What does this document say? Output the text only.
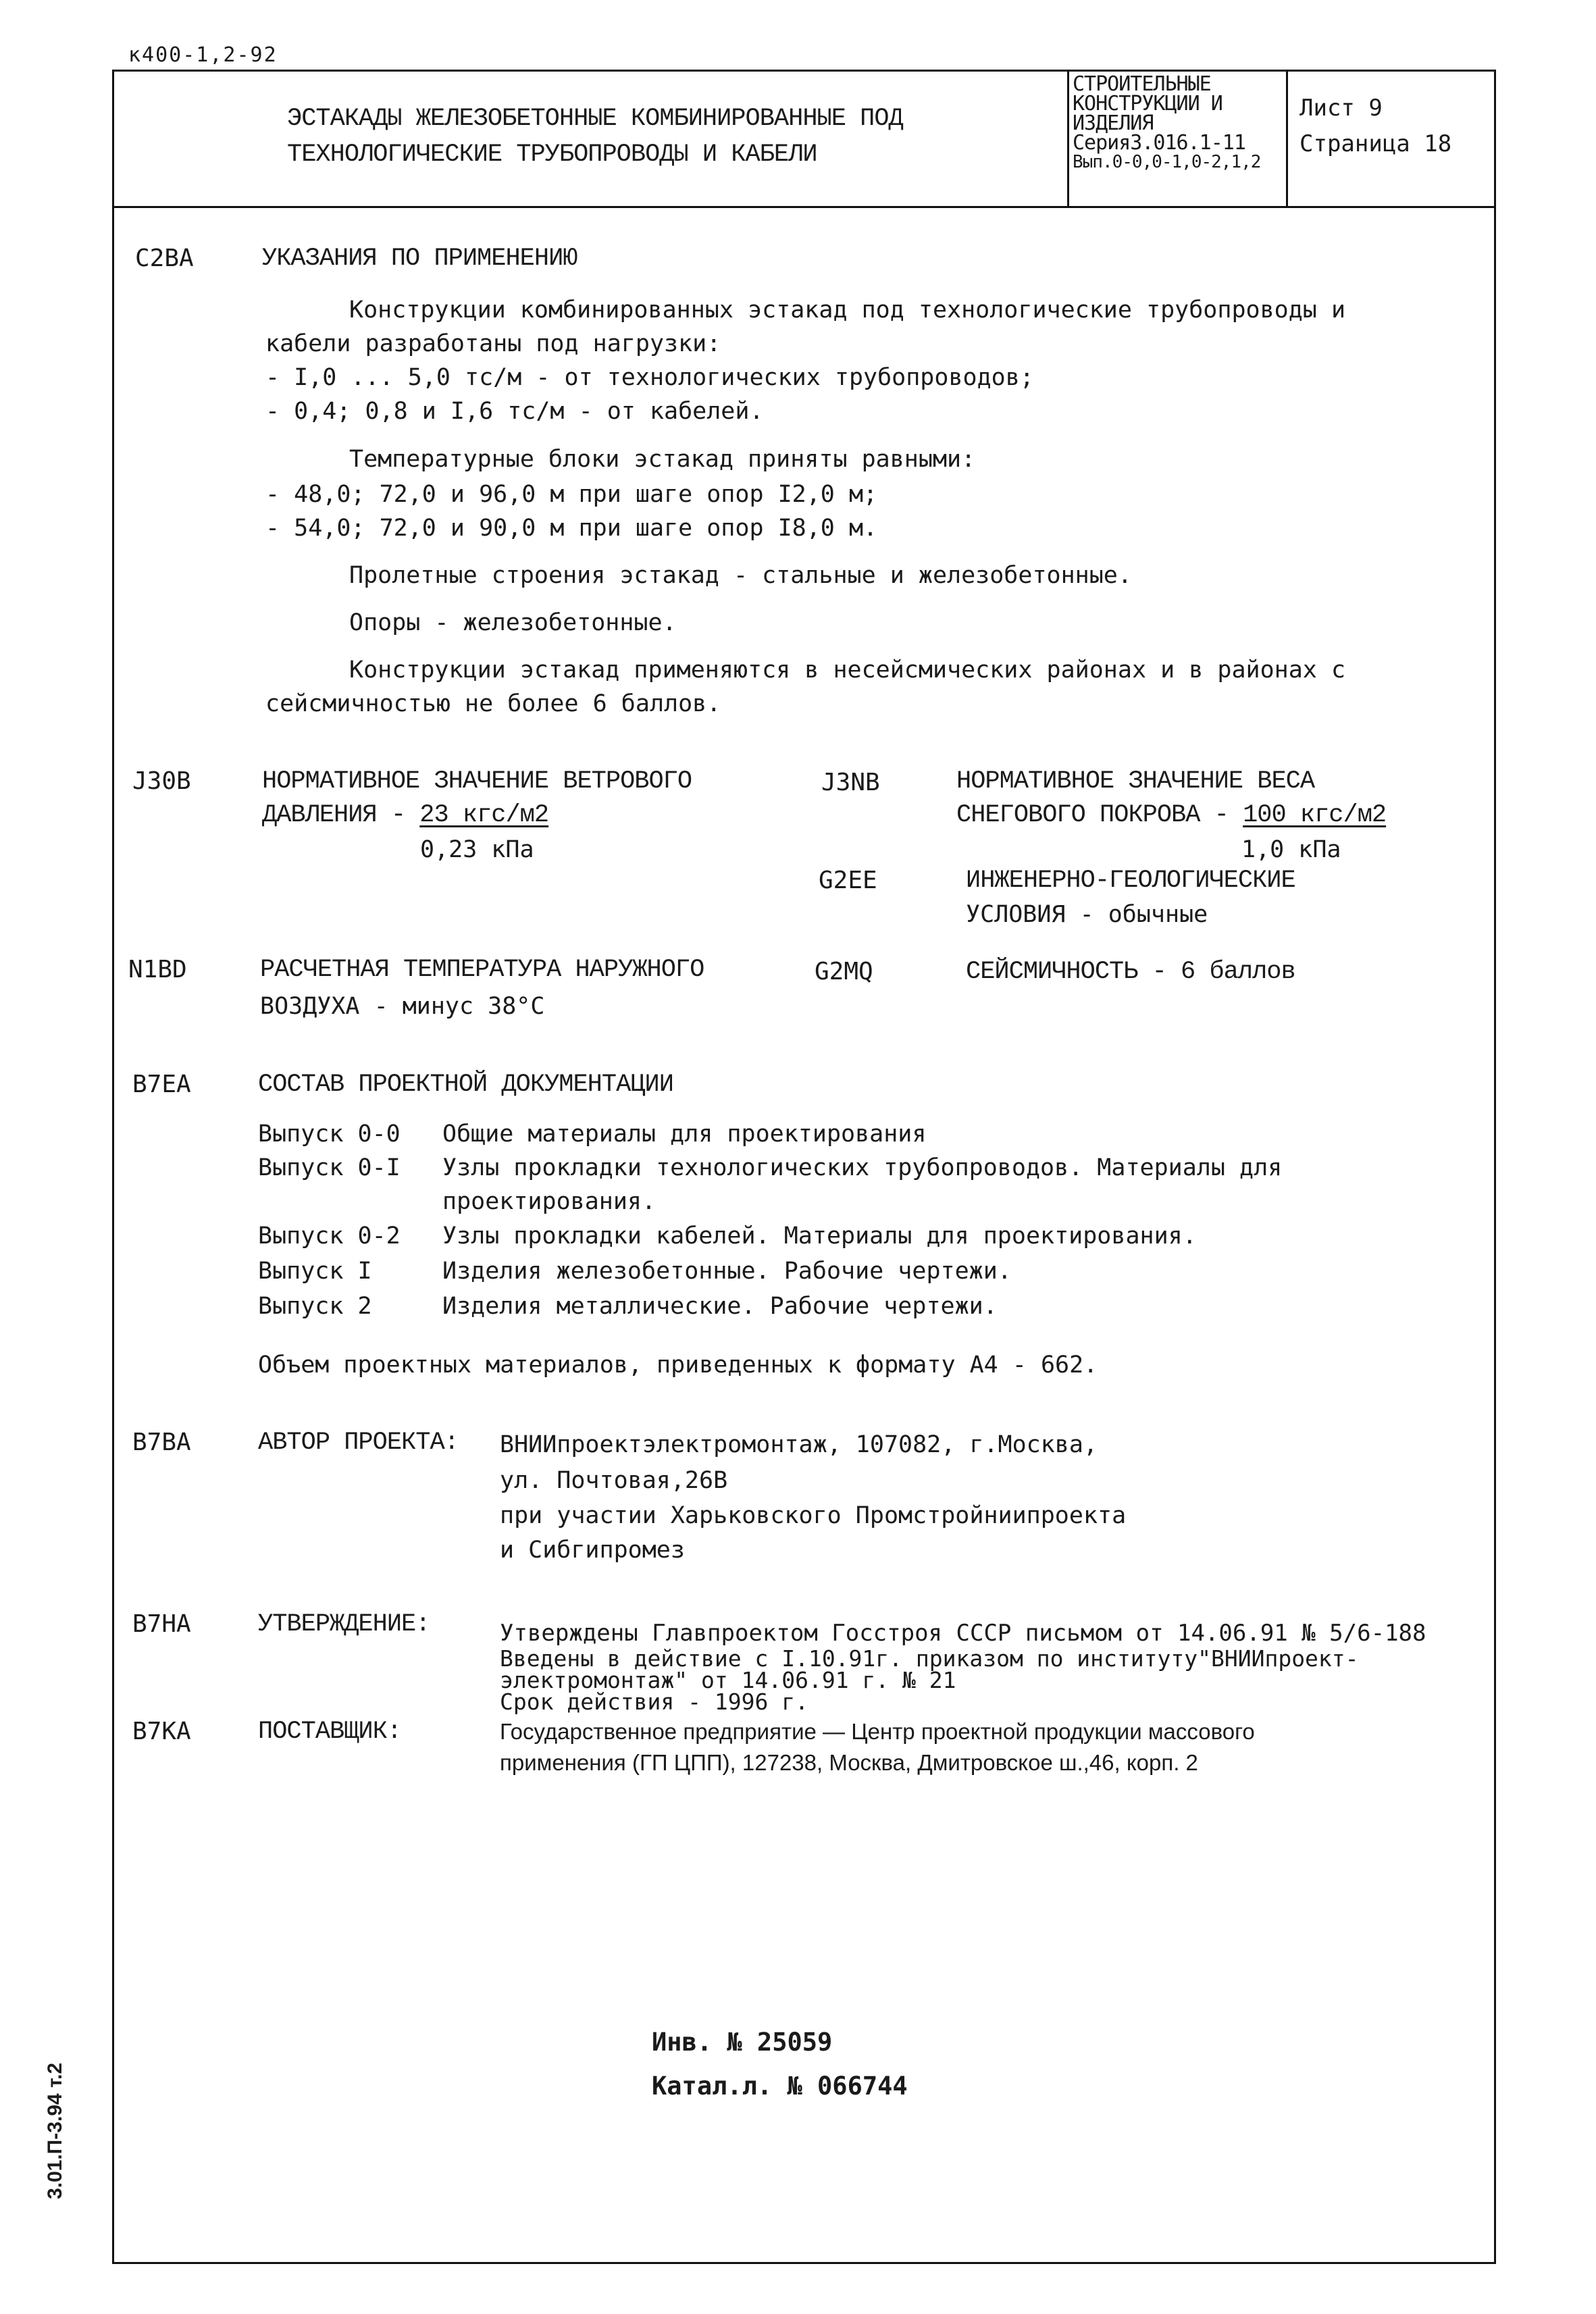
к400-1,2-92
ЭСТАКАДЫ ЖЕЛЕЗОБЕТОННЫЕ КОМБИНИРОВАННЫЕ ПОД
ТЕХНОЛОГИЧЕСКИЕ ТРУБОПРОВОДЫ И КАБЕЛИ
СТРОИТЕЛЬНЫЕ
КОНСТРУКЦИИ И
ИЗДЕЛИЯ
Серия3.016.1-11
Вып.0-0,0-1,0-2,1,2
Лист 9
Страница 18
3.01.П-3.94 т.2
C2BA	УКАЗАНИЯ ПО ПРИМЕНЕНИЮ
Конструкции комбинированных эстакад под технологические трубопроводы и
кабели разработаны под нагрузки:
- I,0 ... 5,0 тс/м - от технологических трубопроводов;
- 0,4; 0,8 и I,6 тс/м - от кабелей.
Температурные блоки эстакад приняты равными:
- 48,0; 72,0 и 96,0 м при шаге опор I2,0 м;
- 54,0; 72,0 и 90,0 м при шаге опор I8,0 м.
Пролетные строения эстакад - стальные и железобетонные.
Опоры - железобетонные.
Конструкции эстакад применяются в несейсмических районах и в районах с
сейсмичностью не более 6 баллов.
J30B	НОРМАТИВНОЕ ЗНАЧЕНИЕ ВЕТРОВОГО
ДАВЛЕНИЯ - 23 кгс/м2
0,23 кПа
J3NB	НОРМАТИВНОЕ ЗНАЧЕНИЕ ВЕСА
СНЕГОВОГО ПОКРОВА - 100 кгс/м2
1,0 кПа
G2EE	ИНЖЕНЕРНО-ГЕОЛОГИЧЕСКИЕ
УСЛОВИЯ - обычные
N1BD	РАСЧЕТНАЯ ТЕМПЕРАТУРА НАРУЖНОГО
ВОЗДУХА - минус 38°С
G2MQ	СЕЙСМИЧНОСТЬ - 6 баллов
B7EA	СОСТАВ ПРОЕКТНОЙ ДОКУМЕНТАЦИИ
Выпуск 0-0 Общие материалы для проектирования
Выпуск 0-I Узлы прокладки технологических трубопроводов. Материалы для
проектирования.
Выпуск 0-2 Узлы прокладки кабелей. Материалы для проектирования.
Выпуск I	Изделия железобетонные. Рабочие чертежи.
Выпуск 2	Изделия металлические. Рабочие чертежи.
Объем проектных материалов, приведенных к формату А4 - 662.
B7BA	АВТОР ПРОЕКТА: ВНИИпроектэлектромонтаж, 107082, г.Москва,
ул. Почтовая,26В
при участии Харьковского Промстройниипроекта
и Сибгипромез
B7HA	УТВЕРЖДЕНИЕ:	Утверждены Главпроектом Госстроя СССР письмом от 14.06.91 № 5/6-188
Введены в действие с I.10.91г. приказом по институту"ВНИИпроект-
электромонтаж" от 14.06.91 г. № 21
Срок действия - 1996 г.
B7KA	ПОСТАВЩИК:	Государственное предприятие — Центр проектной продукции массового
применения (ГП ЦПП), 127238, Москва, Дмитровское ш.,46, корп. 2
Инв. № 25059
Катал.л. № 066744
